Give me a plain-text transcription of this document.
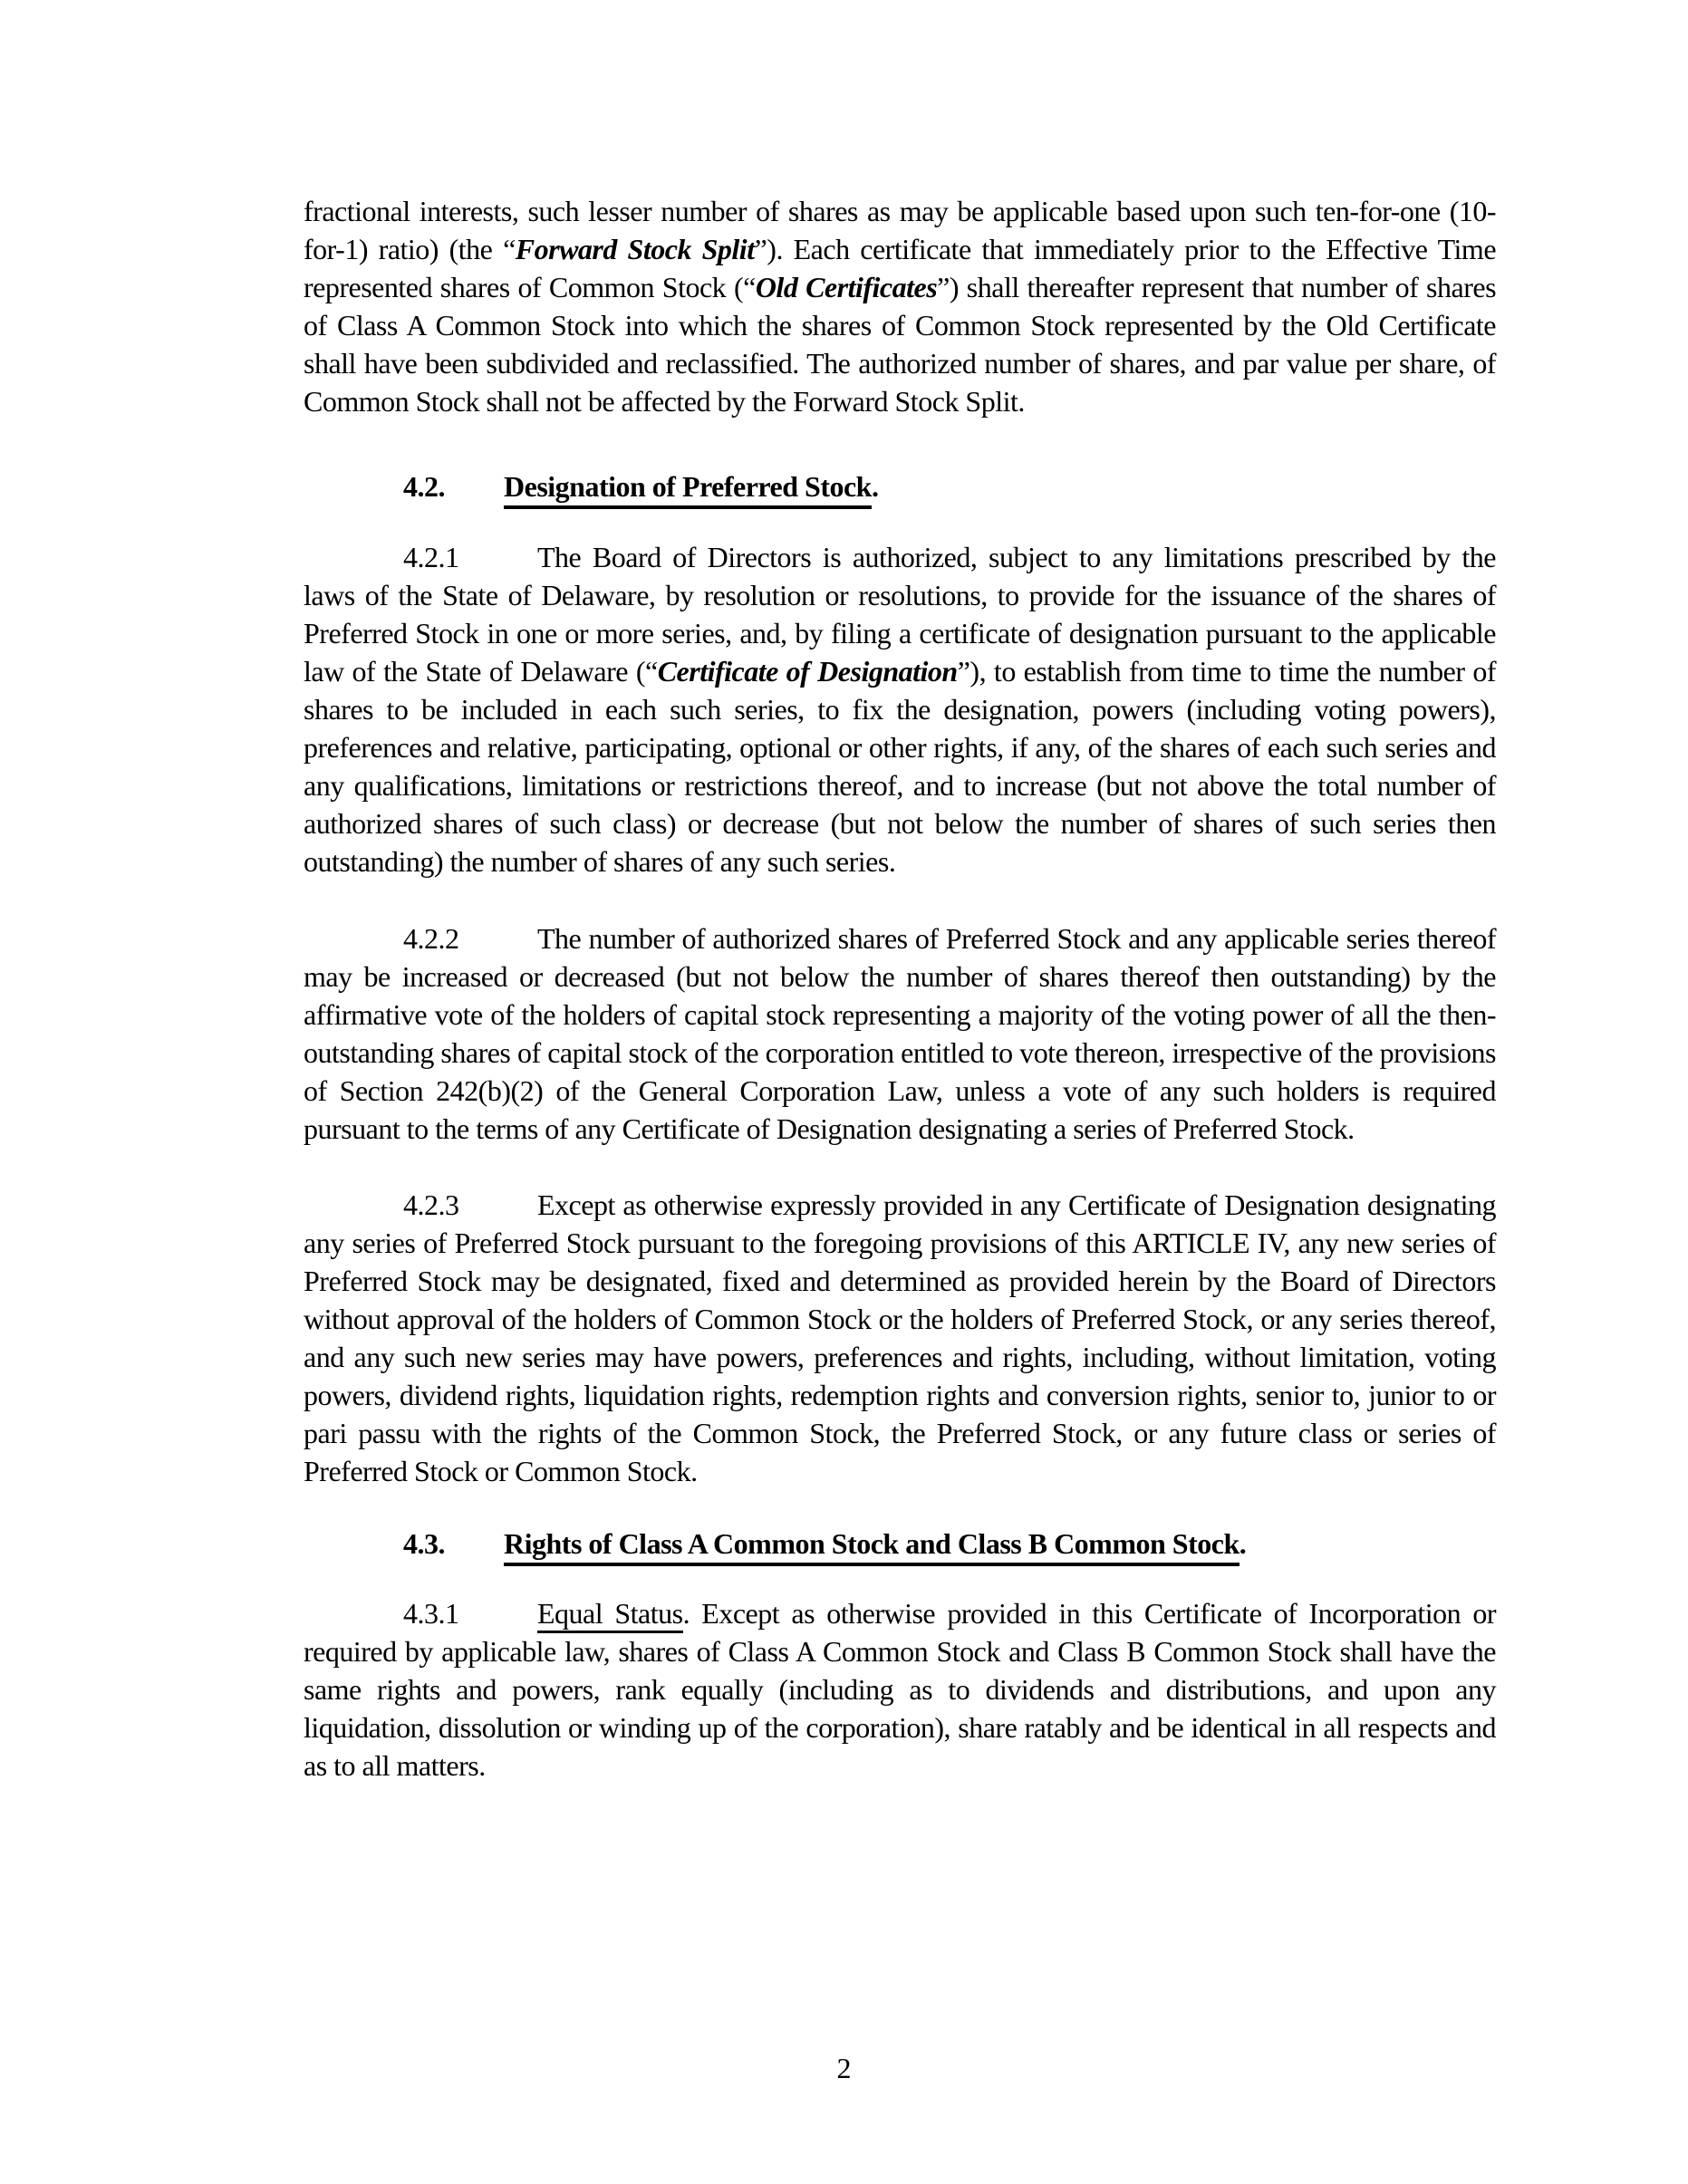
fractional interests, such lesser number of shares as may be applicable based upon such ten-for-one (10-for-1) ratio) (the “Forward Stock Split”). Each certificate that immediately prior to the Effective Time represented shares of Common Stock (“Old Certificates”) shall thereafter represent that number of shares of Class A Common Stock into which the shares of Common Stock represented by the Old Certificate shall have been subdivided and reclassified. The authorized number of shares, and par value per share, of Common Stock shall not be affected by the Forward Stock Split.

4.2. Designation of Preferred Stock.

4.2.1	The Board of Directors is authorized, subject to any limitations prescribed by the laws of the State of Delaware, by resolution or resolutions, to provide for the issuance of the shares of Preferred Stock in one or more series, and, by filing a certificate of designation pursuant to the applicable law of the State of Delaware (“Certificate of Designation”), to establish from time to time the number of shares to be included in each such series, to fix the designation, powers (including voting powers), preferences and relative, participating, optional or other rights, if any, of the shares of each such series and any qualifications, limitations or restrictions thereof, and to increase (but not above the total number of authorized shares of such class) or decrease (but not below the number of shares of such series then outstanding) the number of shares of any such series.

4.2.2	The number of authorized shares of Preferred Stock and any applicable series thereof may be increased or decreased (but not below the number of shares thereof then outstanding) by the affirmative vote of the holders of capital stock representing a majority of the voting power of all the then-outstanding shares of capital stock of the corporation entitled to vote thereon, irrespective of the provisions of Section 242(b)(2) of the General Corporation Law, unless a vote of any such holders is required pursuant to the terms of any Certificate of Designation designating a series of Preferred Stock.

4.2.3	Except as otherwise expressly provided in any Certificate of Designation designating any series of Preferred Stock pursuant to the foregoing provisions of this ARTICLE IV, any new series of Preferred Stock may be designated, fixed and determined as provided herein by the Board of Directors without approval of the holders of Common Stock or the holders of Preferred Stock, or any series thereof, and any such new series may have powers, preferences and rights, including, without limitation, voting powers, dividend rights, liquidation rights, redemption rights and conversion rights, senior to, junior to or pari passu with the rights of the Common Stock, the Preferred Stock, or any future class or series of Preferred Stock or Common Stock.

4.3. Rights of Class A Common Stock and Class B Common Stock.

4.3.1	Equal Status. Except as otherwise provided in this Certificate of Incorporation or required by applicable law, shares of Class A Common Stock and Class B Common Stock shall have the same rights and powers, rank equally (including as to dividends and distributions, and upon any liquidation, dissolution or winding up of the corporation), share ratably and be identical in all respects and as to all matters.

2
